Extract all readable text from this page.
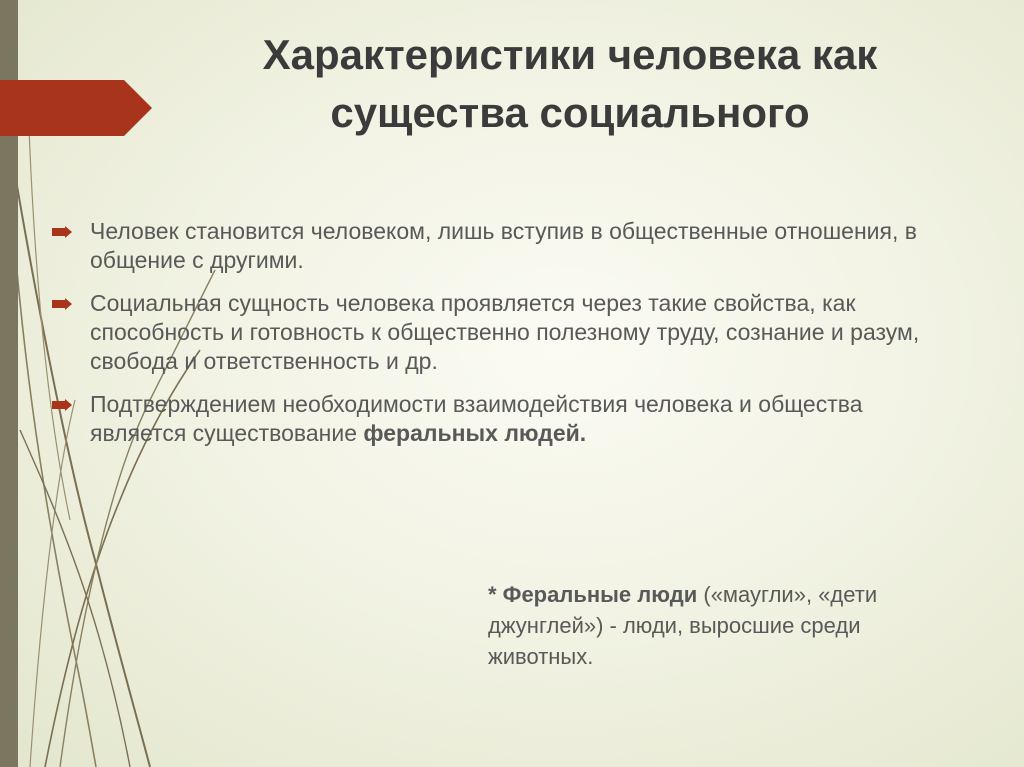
Характеристики человека как
существа социального
Человек становится человеком, лишь вступив в общественные отношения, в общение с другими.
Социальная сущность человека проявляется через такие свойства, как способность и готовность к общественно полезному труду, сознание и разум, свобода и ответственность и др.
Подтверждением необходимости взаимодействия человека и общества является существование феральных людей.
* Феральные люди («маугли», «дети джунглей») - люди, выросшие среди животных.
